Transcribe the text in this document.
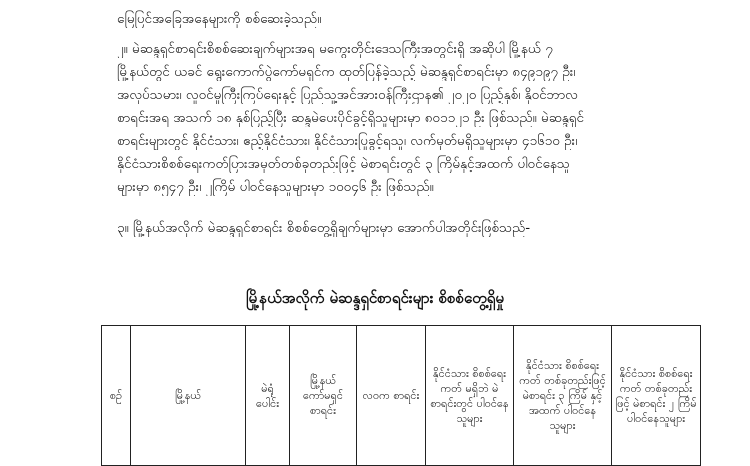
မြေပြင်အခြေအနေများကို စစ်ဆေးခဲ့သည်။
၂။ မဲဆန္ဒရှင်စာရင်းစိစစ်ဆေးချက်များအရ မကွေးတိုင်းဒေသကြီးအတွင်းရှိ အဆိုပါ မြို့နယ် ၇
မြို့နယ်တွင် ယခင် ရွေးကောက်ပွဲကော်မရှင်က ထုတ်ပြန်ခဲ့သည့် မဲဆန္ဒရှင်စာရင်းမှာ ၈၄၉၁၉၇ ဦး၊
အလုပ်သမား၊ လူဝင်မှုကြီးကြပ်ရေးနှင့် ပြည်သူ့အင်အားဝန်ကြီးဌာန၏ ၂၀၂၀ ပြည့်နှစ်၊ နိုဝင်ဘာလ
စာရင်းအရ အသက် ၁၈ နှစ်ပြည့်ပြီး ဆန္ဒမဲပေးပိုင်ခွင့်ရှိသူများမှာ ၈၀၁၁၂၁ ဦး ဖြစ်သည်။ မဲဆန္ဒရှင်
စာရင်းများတွင် နိုင်ငံသား၊ ဧည့်နိုင်ငံသား၊ နိုင်ငံသားပြုခွင့်ရသူ၊ လက်မှတ်မရှိသူများမှာ ၄၁၆၁၀ ဦး၊
နိုင်ငံသားစိစစ်ရေးကတ်ပြားအမှတ်တစ်ခုတည်းဖြင့် မဲစာရင်းတွင် ၃ ကြိမ်နှင့်အထက် ပါဝင်နေသူ
များမှာ ၈၅၄၇ ဦး၊ ၂ကြိမ် ပါဝင်နေသူများမှာ ၁၀၀၄၆ ဦး ဖြစ်သည်။
၃။ မြို့နယ်အလိုက် မဲဆန္ဒရှင်စာရင်း စိစစ်တွေ့ရှိချက်များမှာ အောက်ပါအတိုင်းဖြစ်သည်-
မြို့နယ်အလိုက် မဲဆန္ဒရှင်စာရင်းများ စိစစ်တွေ့ရှိမှု
စဉ်	မြို့နယ်	မဲရုံ ပေါင်း	မြို့နယ် ကော်မရှင် စာရင်း	လဝက စာရင်း	နိုင်ငံသား စိစစ်ရေးကတ် မရှိဘဲ မဲစာရင်းတွင် ပါဝင်နေသူများ	နိုင်ငံသား စိစစ်ရေးကတ် တစ်ခုတည်းဖြင့် မဲစာရင်း ၃ ကြိမ် နှင့်အထက် ပါဝင်နေသူများ	နိုင်ငံသား စိစစ်ရေးကတ် တစ်ခုတည်းဖြင့် မဲစာရင်း ၂ ကြိမ် ပါဝင်နေသူများ
